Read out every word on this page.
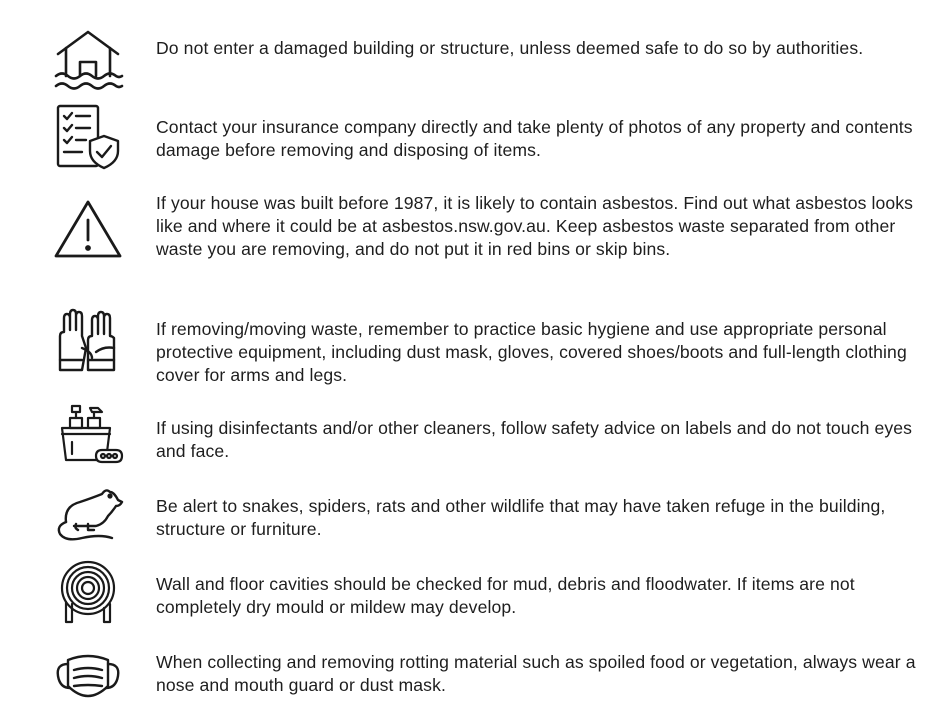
Do not enter a damaged building or structure, unless deemed safe to do so by authorities.
Contact your insurance company directly and take plenty of photos of any property and contents damage before removing and disposing of items.
If your house was built before 1987, it is likely to contain asbestos. Find out what asbestos looks like and where it could be at asbestos.nsw.gov.au. Keep asbestos waste separated from other waste you are removing, and do not put it in red bins or skip bins.
If removing/moving waste, remember to practice basic hygiene and use appropriate personal protective equipment, including dust mask, gloves, covered shoes/boots and full-length clothing cover for arms and legs.
If using disinfectants and/or other cleaners, follow safety advice on labels and do not touch eyes and face.
Be alert to snakes, spiders, rats and other wildlife that may have taken refuge in the building, structure or furniture.
Wall and floor cavities should be checked for mud, debris and floodwater. If items are not completely dry mould or mildew may develop.
When collecting and removing rotting material such as spoiled food or vegetation, always wear a nose and mouth guard or dust mask.
